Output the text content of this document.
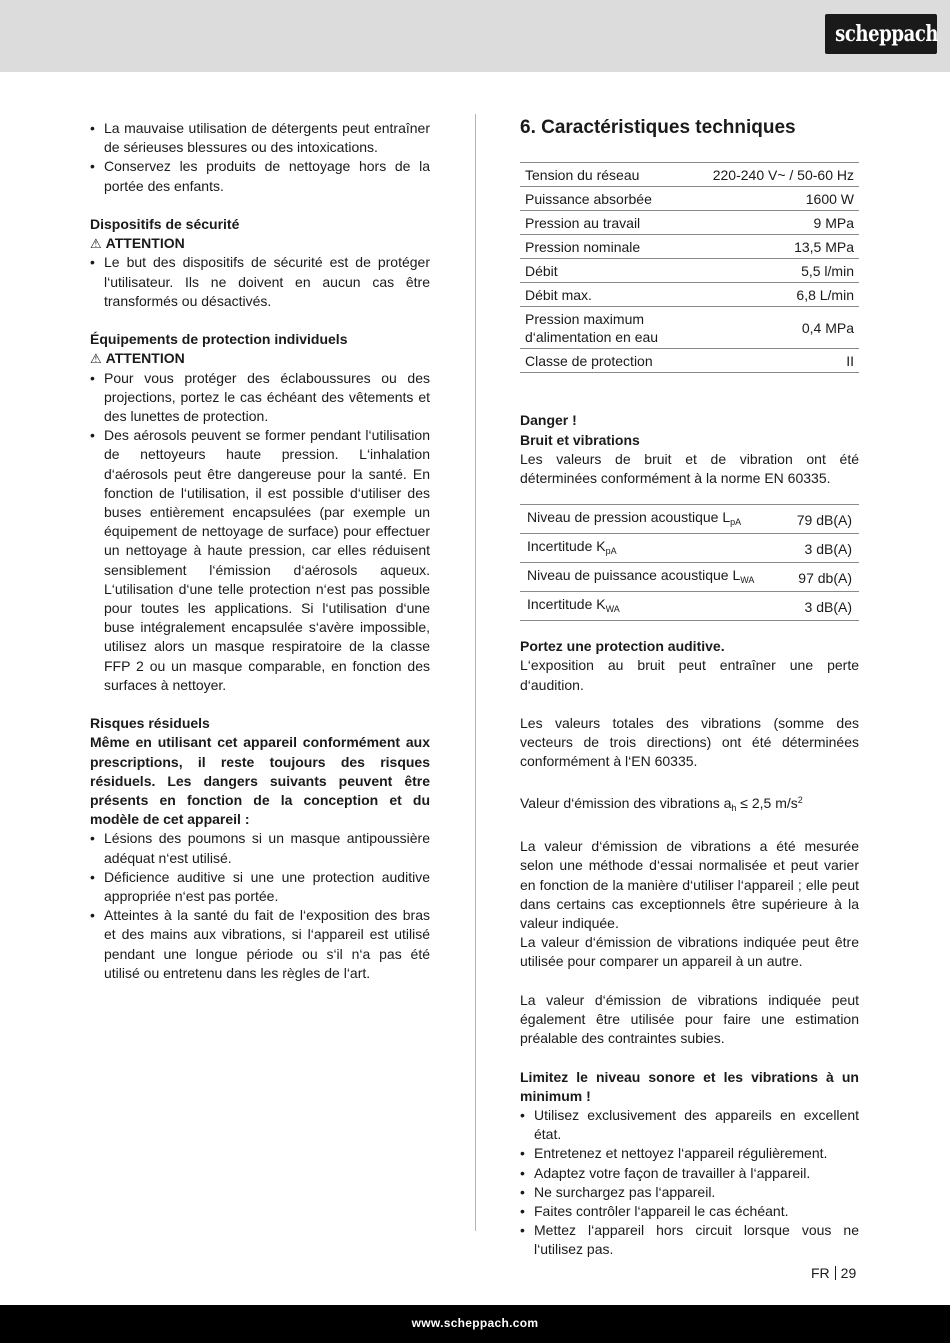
scheppach
• La mauvaise utilisation de détergents peut entraîner de sérieuses blessures ou des intoxications.
• Conservez les produits de nettoyage hors de la portée des enfants.

Dispositifs de sécurité

⚠ ATTENTION

• Le but des dispositifs de sécurité est de protéger l‘utilisateur. Ils ne doivent en aucun cas être transformés ou désactivés.

Équipements de protection individuels

⚠ ATTENTION

• Pour vous protéger des éclaboussures ou des projections, portez le cas échéant des vêtements et des lunettes de protection.
• Des aérosols peuvent se former pendant l‘utilisation de nettoyeurs haute pression. L‘inhalation d‘aérosols peut être dangereuse pour la santé. En fonction de l‘utilisation, il est possible d‘utiliser des buses entièrement encapsulées (par exemple un équipement de nettoyage de surface) pour effectuer un nettoyage à haute pression, car elles réduisent sensiblement l‘émission d‘aérosols aqueux. L‘utilisation d‘une telle protection n‘est pas possible pour toutes les applications. Si l‘utilisation d‘une buse intégralement encapsulée s‘avère impossible, utilisez alors un masque respiratoire de la classe FFP 2 ou un masque comparable, en fonction des surfaces à nettoyer.

Risques résiduels

Même en utilisant cet appareil conformément aux prescriptions, il reste toujours des risques résiduels. Les dangers suivants peuvent être présents en fonction de la conception et du modèle de cet appareil :

• Lésions des poumons si un masque antipoussière adéquat n‘est utilisé.
• Déficience auditive si une une protection auditive appropriée n‘est pas portée.
• Atteintes à la santé du fait de l‘exposition des bras et des mains aux vibrations, si l‘appareil est utilisé pendant une longue période ou s‘il n‘a pas été utilisé ou entretenu dans les règles de l‘art.
6. Caractéristiques techniques
Tension du réseau	220-240 V~ / 50-60 Hz
Puissance absorbée	1600 W
Pression au travail	9 MPa
Pression nominale	13,5 MPa
Débit	5,5 l/min
Débit max.	6,8 L/min
Pression maximum d‘alimentation en eau	0,4 MPa
Classe de protection	II

Danger !

Bruit et vibrations

Les valeurs de bruit et de vibration ont été déterminées conformément à la norme EN 60335.

Niveau de pression acoustique $L_{pA}$	79 dB(A)
Incertitude $K_{pA}$	3 dB(A)
Niveau de puissance acoustique $L_{WA}$	97 db(A)
Incertitude $K_{WA}$	3 dB(A)

Portez une protection auditive.

L‘exposition au bruit peut entraîner une perte d‘audition.

Les valeurs totales des vibrations (somme des vecteurs de trois directions) ont été déterminées conformément à l‘EN 60335.

Valeur d‘émission des vibrations $a_h \le 2,5$ $m/s^2$

La valeur d‘émission de vibrations a été mesurée selon une méthode d‘essai normalisée et peut varier en fonction de la manière d‘utiliser l‘appareil ; elle peut dans certains cas exceptionnels être supérieure à la valeur indiquée.

La valeur d‘émission de vibrations indiquée peut être utilisée pour comparer un appareil à un autre.

La valeur d‘émission de vibrations indiquée peut également être utilisée pour faire une estimation préalable des contraintes subies.

Limitez le niveau sonore et les vibrations à un minimum !

• Utilisez exclusivement des appareils en excellent état.
• Entretenez et nettoyez l‘appareil régulièrement.
• Adaptez votre façon de travailler à l‘appareil.
• Ne surchargez pas l‘appareil.
• Faites contrôler l‘appareil le cas échéant.
• Mettez l‘appareil hors circuit lorsque vous ne l‘utilisez pas.
FR 29
www.scheppach.com
